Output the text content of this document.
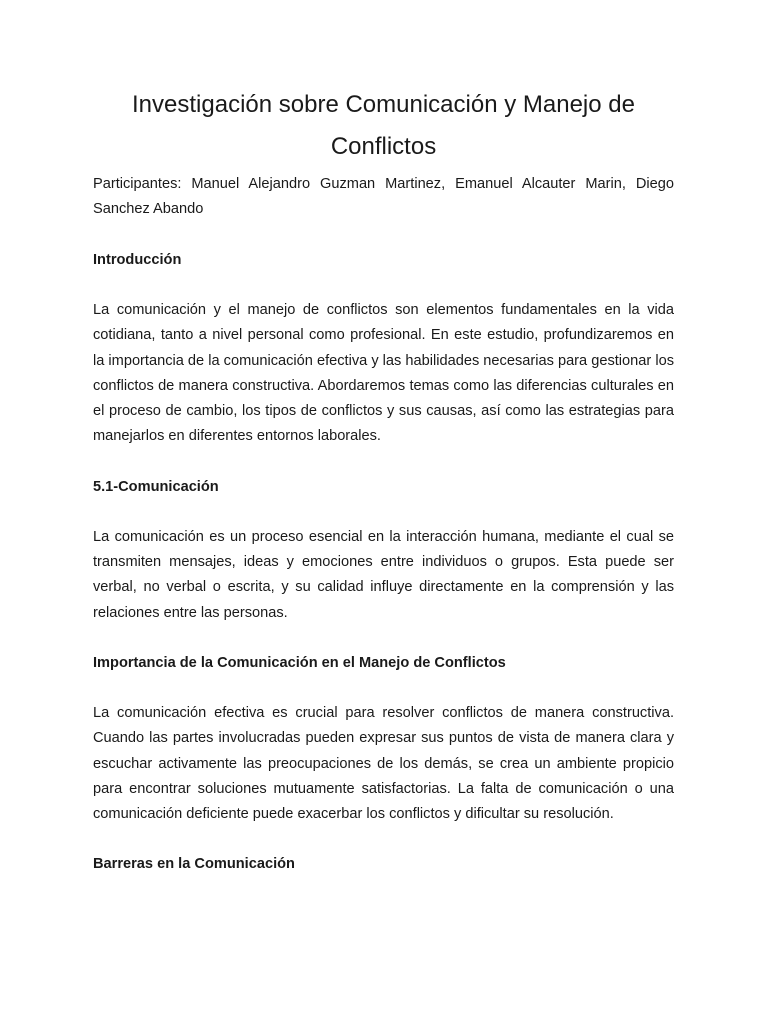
Investigación sobre Comunicación y Manejo de Conflictos

Participantes: Manuel Alejandro Guzman Martinez, Emanuel Alcauter Marin, Diego Sanchez Abando

Introducción

La comunicación y el manejo de conflictos son elementos fundamentales en la vida cotidiana, tanto a nivel personal como profesional. En este estudio, profundizaremos en la importancia de la comunicación efectiva y las habilidades necesarias para gestionar los conflictos de manera constructiva. Abordaremos temas como las diferencias culturales en el proceso de cambio, los tipos de conflictos y sus causas, así como las estrategias para manejarlos en diferentes entornos laborales.

5.1-Comunicación

La comunicación es un proceso esencial en la interacción humana, mediante el cual se transmiten mensajes, ideas y emociones entre individuos o grupos. Esta puede ser verbal, no verbal o escrita, y su calidad influye directamente en la comprensión y las relaciones entre las personas.

Importancia de la Comunicación en el Manejo de Conflictos

La comunicación efectiva es crucial para resolver conflictos de manera constructiva. Cuando las partes involucradas pueden expresar sus puntos de vista de manera clara y escuchar activamente las preocupaciones de los demás, se crea un ambiente propicio para encontrar soluciones mutuamente satisfactorias. La falta de comunicación o una comunicación deficiente puede exacerbar los conflictos y dificultar su resolución.

Barreras en la Comunicación
